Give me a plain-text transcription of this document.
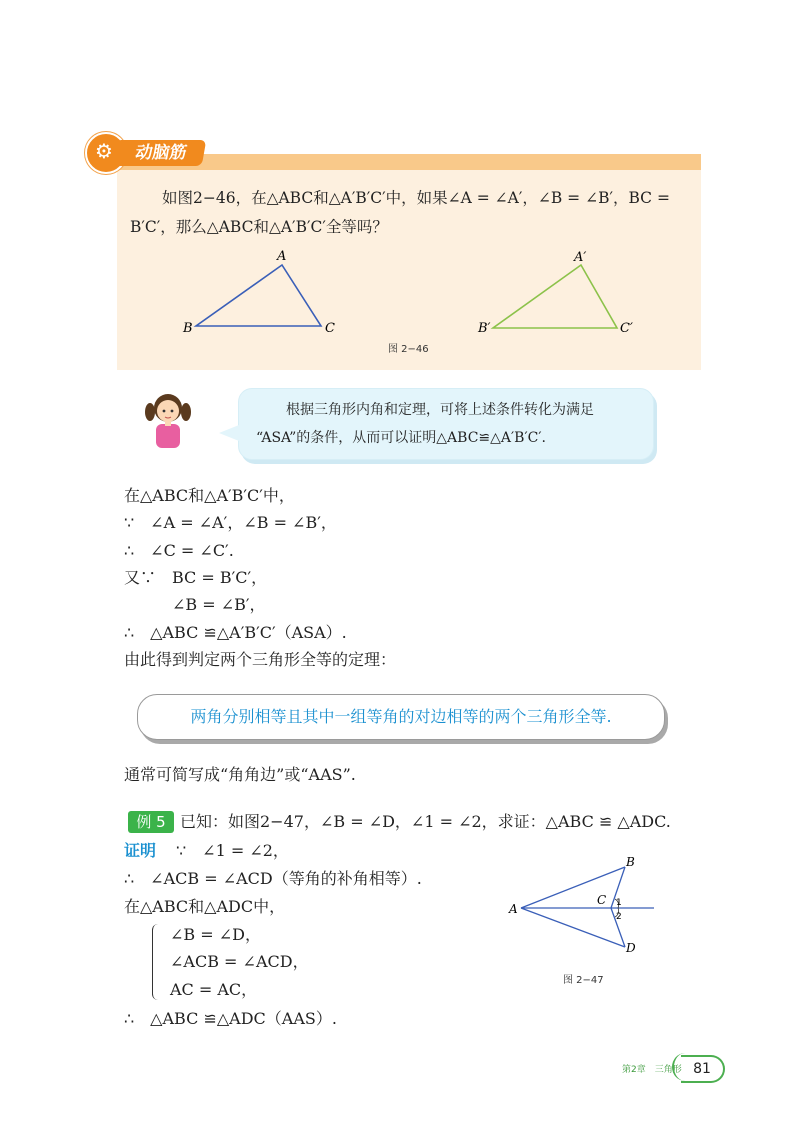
⚙	动脑筋

如图2−46，在△ABC和△A′B′C′中，如果∠A = ∠A′，∠B = ∠B′，BC =

B′C′，那么△ABC和△A′B′C′全等吗？

A
B	C
A′
B′	C′
图 2−46

根据三角形内角和定理，可将上述条件转化为满足

“ASA”的条件，从而可以证明△ABC≌△A′B′C′.

在△ABC和△A′B′C′中，
∵　∠A = ∠A′，∠B = ∠B′，
∴　∠C = ∠C′.
又∵　BC = B′C′，
∠B = ∠B′，
∴　△ABC ≌△A′B′C′（ASA）.
由此得到判定两个三角形全等的定理：
两角分别相等且其中一组等角的对边相等的两个三角形全等.
通常可简写成“角角边”或“AAS”.
例 5 已知：如图2−47，∠B = ∠D，∠1 = ∠2，求证：△ABC ≌ △ADC.
证明 ∵　∠1 = ∠2，
∴　∠ACB = ∠ACD（等角的补角相等）.
在△ABC和△ADC中，
∠B = ∠D，
∠ACB = ∠ACD，
AC = AC，
∴　△ABC ≌△ADC（AAS）.
A
B
C
D
1
2
图 2−47
第2章　三角形 81
